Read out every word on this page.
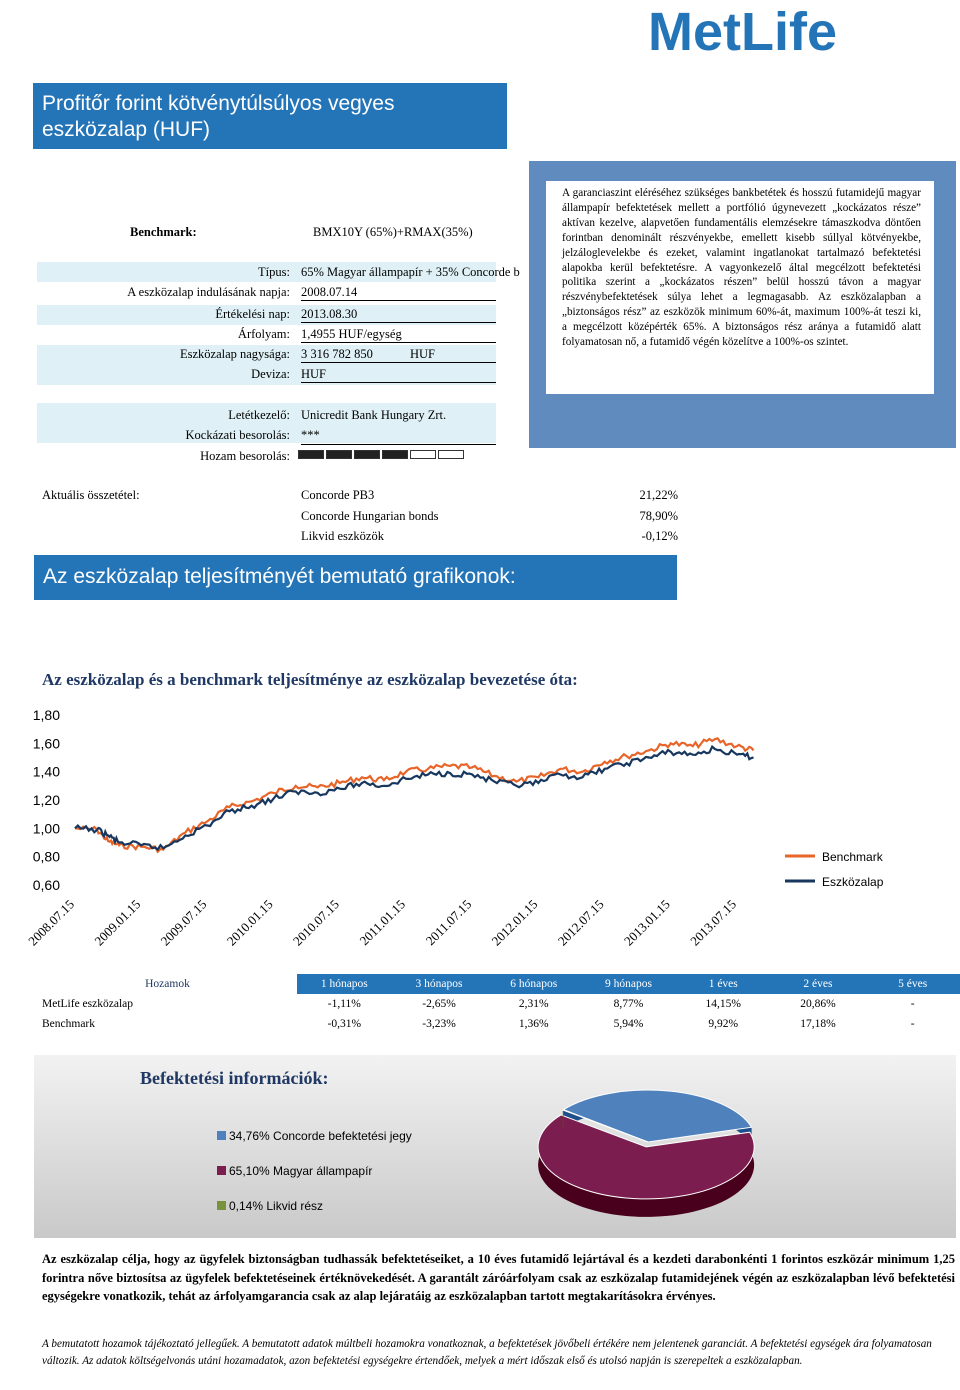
MetLife
Profitőr forint kötvénytúlsúlyos vegyes
eszközalap (HUF)
Benchmark:	BMX10Y (65%)+RMAX(35%)
Típus: 65% Magyar állampapír + 35% Concorde b
A eszközalap indulásának napja: 2008.07.14
Értékelési nap: 2013.08.30
Árfolyam: 1,4955 HUF/egység
Eszközalap nagysága: 3 316 782 850	HUF
Deviza: HUF
Letétkezelő: Unicredit Bank Hungary Zrt.
Kockázati besorolás: ***
Hozam besorolás:
A garanciaszint eléréséhez szükséges bankbetétek és hosszú futamidejű magyar állampapír befektetések mellett a portfólió úgynevezett „kockázatos része” aktívan kezelve, alapvetően fundamentális elemzésekre támaszkodva döntően forintban denominált részvényekbe, emellett kisebb súllyal kötvényekbe, jelzáloglevelekbe és ezeket, valamint ingatlanokat tartalmazó befektetési alapokba kerül befektetésre. A vagyonkezelő által megcélzott befektetési politika szerint a „kockázatos részen” belül hosszú távon a magyar részvénybefektetések súlya lehet a legmagasabb. Az eszközalapban a „biztonságos rész” az eszközök minimum 60%-át, maximum 100%-át teszi ki, a megcélzott középérték 65%. A biztonságos rész aránya a futamidő alatt folyamatosan nő, a futamidő végén közelítve a 100%-os szintet.
Aktuális összetétel:	Concorde PB3	21,22%
Concorde Hungarian bonds	78,90%
Likvid eszközök	-0,12%
Az eszközalap teljesítményét bemutató grafikonok:
Az eszközalap és a benchmark teljesítménye az eszközalap bevezetése óta:
1,80
1,60
1,40
1,20
1,00
0,80
0,60
2008.07.15 2009.01.15 2009.07.15 2010.01.15 2010.07.15 2011.01.15 2011.07.15 2012.01.15 2012.07.15 2013.01.15 2013.07.15
Benchmark
Eszközalap
Hozamok	1 hónapos	3 hónapos	6 hónapos	9 hónapos	1 éves	2 éves	5 éves
MetLife eszközalap	-1,11%	-2,65%	2,31%	8,77%	14,15%	20,86%	-
Benchmark	-0,31%	-3,23%	1,36%	5,94%	9,92%	17,18%	-
Befektetési információk:
34,76% Concorde befektetési jegy
65,10% Magyar állampapír
0,14% Likvid rész
Az eszközalap célja, hogy az ügyfelek biztonságban tudhassák befektetéseiket, a 10 éves futamidő lejártával és a kezdeti darabonkénti 1 forintos eszközár minimum 1,25 forintra nőve biztosítsa az ügyfelek befektetéseinek értéknövekedését. A garantált záróárfolyam csak az eszközalap futamidejének végén az eszközalapban lévő befektetési egységekre vonatkozik, tehát az árfolyamgarancia csak az alap lejáratáig az eszközalapban tartott megtakarításokra érvényes.
A bemutatott hozamok tájékoztató jellegűek. A bemutatott adatok múltbeli hozamokra vonatkoznak, a befektetések jövőbeli értékére nem jelentenek garanciát. A befektetési egységek ára folyamatosan változik. Az adatok költségelvonás utáni hozamadatok, azon befektetési egységekre értendőek, melyek a mért időszak első és utolsó napján is szerepeltek a eszközalapban.
